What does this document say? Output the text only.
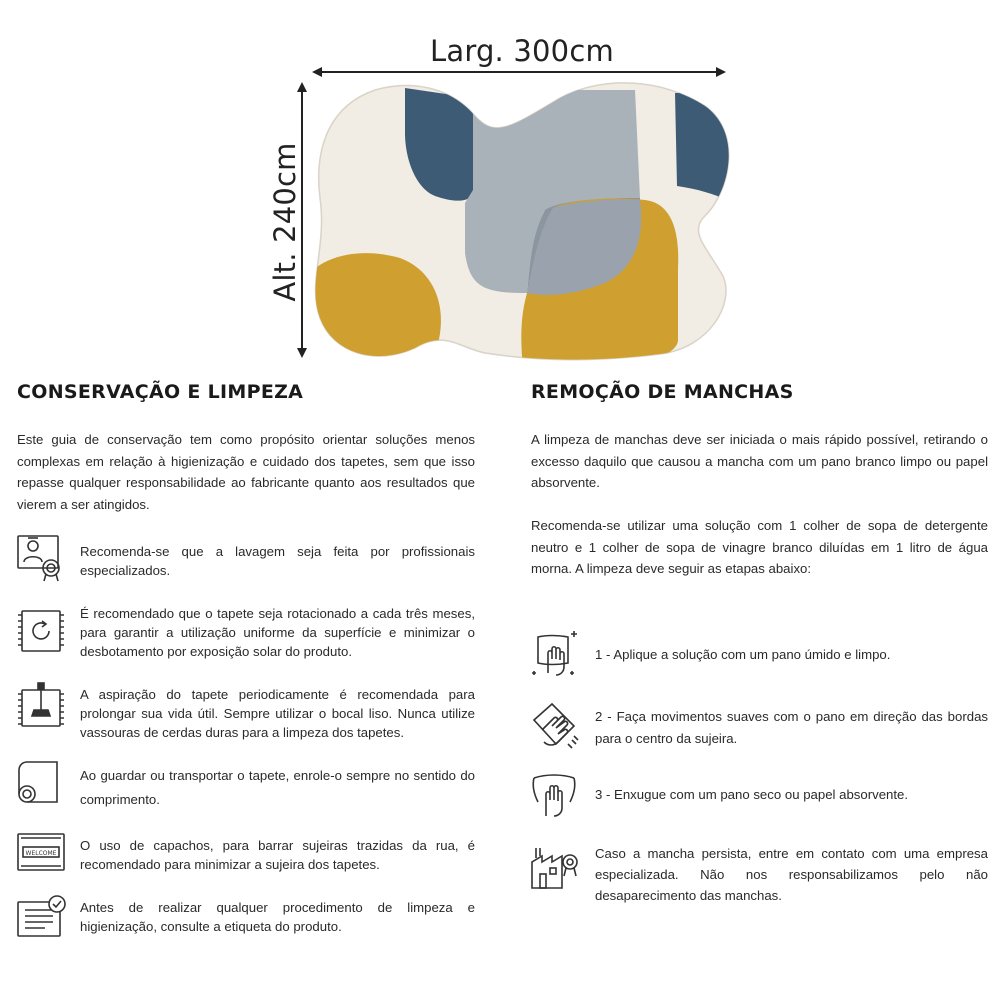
Larg. 300cm
Alt. 240cm
CONSERVAÇÃO E LIMPEZA

Este guia de conservação tem como propósito orientar soluções menos complexas em relação à higienização e cuidado dos tapetes, sem que isso repasse qualquer responsabilidade ao fabricante quanto aos resultados que vierem a ser atingidos.

Recomenda-se que a lavagem seja feita por profissionais especializados.

É recomendado que o tapete seja rotacionado a cada três meses, para garantir a utilização uniforme da superfície e minimizar o desbotamento por exposição solar do produto.

A aspiração do tapete periodicamente é recomendada para prolongar sua vida útil. Sempre utilizar o bocal liso. Nunca utilize vassouras de cerdas duras para a limpeza dos tapetes.

Ao guardar ou transportar o tapete, enrole-o sempre no sentido do comprimento.

WELCOME

O uso de capachos, para barrar sujeiras trazidas da rua, é recomendado para minimizar a sujeira dos tapetes.

Antes de realizar qualquer procedimento de limpeza e higienização, consulte a etiqueta do produto.

REMOÇÃO DE MANCHAS

A limpeza de manchas deve ser iniciada o mais rápido possível, retirando o excesso daquilo que causou a mancha com um pano branco limpo ou papel absorvente.

Recomenda-se utilizar uma solução com 1 colher de sopa de detergente neutro e 1 colher de sopa de vinagre branco diluídas em 1 litro de água morna. A limpeza deve seguir as etapas abaixo:

1 - Aplique a solução com um pano úmido e limpo.

2 - Faça movimentos suaves com o pano em direção das bordas para o centro da sujeira.

3 - Enxugue com um pano seco ou papel absorvente.

Caso a mancha persista, entre em contato com uma empresa especializada. Não nos responsabilizamos pelo não desaparecimento das manchas.
